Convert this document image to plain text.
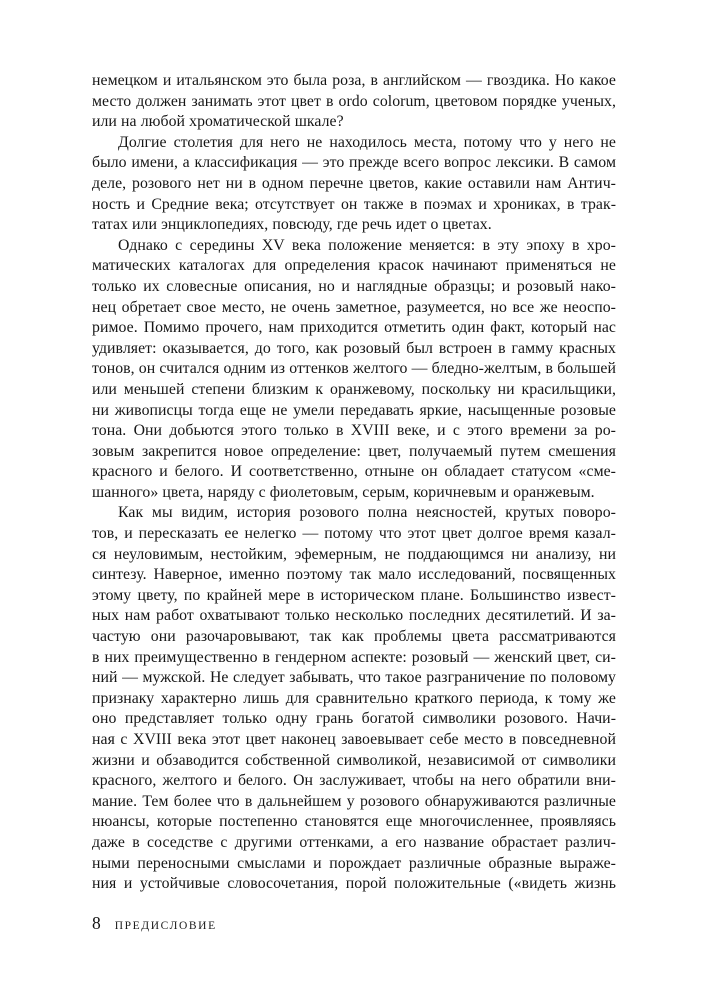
немецком и итальянском это была роза, в английском — гвоздика. Но какое
место должен занимать этот цвет в ordo colorum, цветовом порядке ученых,
или на любой хроматической шкале?
Долгие столетия для него не находилось места, потому что у него не
было имени, а классификация — это прежде всего вопрос лексики. В самом
деле, розового нет ни в одном перечне цветов, какие оставили нам Антич-
ность и Средние века; отсутствует он также в поэмах и хрониках, в трак-
татах или энциклопедиях, повсюду, где речь идет о цветах.
Однако с середины XV века положение меняется: в эту эпоху в хро-
матических каталогах для определения красок начинают применяться не
только их словесные описания, но и наглядные образцы; и розовый нако-
нец обретает свое место, не очень заметное, разумеется, но все же неоспо-
римое. Помимо прочего, нам приходится отметить один факт, который нас
удивляет: оказывается, до того, как розовый был встроен в гамму красных
тонов, он считался одним из оттенков желтого — бледно-желтым, в большей
или меньшей степени близким к оранжевому, поскольку ни красильщики,
ни живописцы тогда еще не умели передавать яркие, насыщенные розовые
тона. Они добьются этого только в XVIII веке, и с этого времени за ро-
зовым закрепится новое определение: цвет, получаемый путем смешения
красного и белого. И соответственно, отныне он обладает статусом «сме-
шанного» цвета, наряду с фиолетовым, серым, коричневым и оранжевым.
Как мы видим, история розового полна неясностей, крутых поворо-
тов, и пересказать ее нелегко — потому что этот цвет долгое время казал-
ся неуловимым, нестойким, эфемерным, не поддающимся ни анализу, ни
синтезу. Наверное, именно поэтому так мало исследований, посвященных
этому цвету, по крайней мере в историческом плане. Большинство извест-
ных нам работ охватывают только несколько последних десятилетий. И за-
частую они разочаровывают, так как проблемы цвета рассматриваются
в них преимущественно в гендерном аспекте: розовый — женский цвет, си-
ний — мужской. Не следует забывать, что такое разграничение по половому
признаку характерно лишь для сравнительно краткого периода, к тому же
оно представляет только одну грань богатой символики розового. Начи-
ная с XVIII века этот цвет наконец завоевывает себе место в повседневной
жизни и обзаводится собственной символикой, независимой от символики
красного, желтого и белого. Он заслуживает, чтобы на него обратили вни-
мание. Тем более что в дальнейшем у розового обнаруживаются различные
нюансы, которые постепенно становятся еще многочисленнее, проявляясь
даже в соседстве с другими оттенками, а его название обрастает различ-
ными переносными смыслами и порождает различные образные выраже-
ния и устойчивые словосочетания, порой положительные («видеть жизнь
8 ПРЕДИСЛОВИЕ
